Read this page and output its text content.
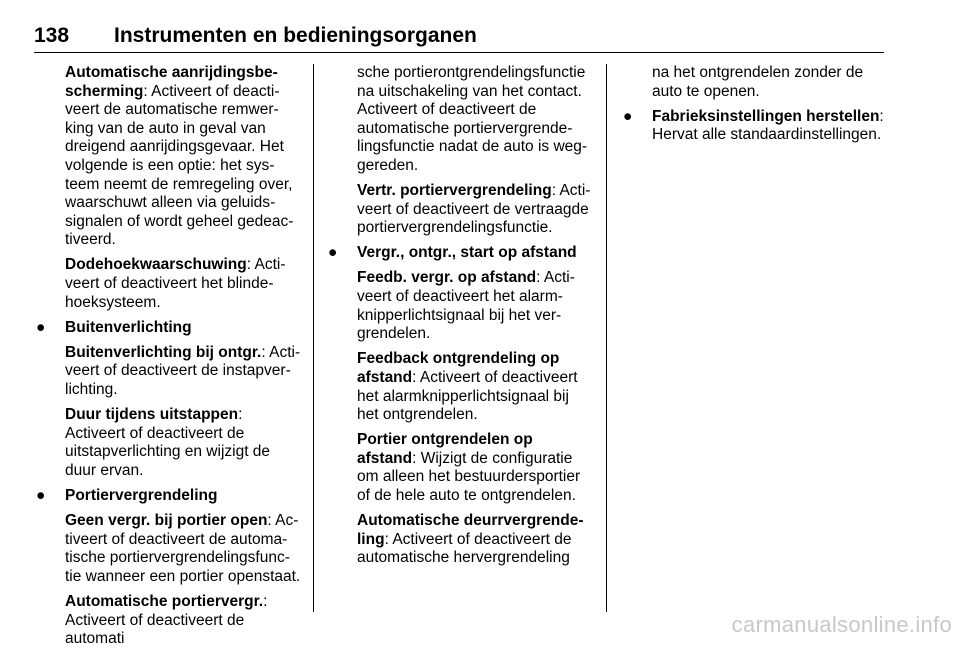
138 Instrumenten en bedieningsorganen

Automatische aanrijdingsbescherming: Activeert of deactiveert de automatische remwerking van de auto in geval van dreigend aanrijdingsgevaar. Het volgende is een optie: het systeem neemt de remregeling over, waarschuwt alleen via geluidssignalen of wordt geheel gedeactiveerd.

Dodehoekwaarschuwing: Activeert of deactiveert het blindehoeksysteem.

● Buitenverlichting

Buitenverlichting bij ontgr.: Activeert of deactiveert de instapverlichting.

Duur tijdens uitstappen: Activeert of deactiveert de uitstapverlichting en wijzigt de duur ervan.

● Portiervergrendeling

Geen vergr. bij portier open: Activeert of deactiveert de automatische portiervergrendelingsfunctie wanneer een portier openstaat.

Automatische portiervergr.: Activeert of deactiveert de automati

sche portierontgrendelingsfunctie na uitschakeling van het contact. Activeert of deactiveert de automatische portiervergrendelingsfunctie nadat de auto is weggereden.

Vertr. portiervergrendeling: Activeert of deactiveert de vertraagde portiervergrendelingsfunctie.

● Vergr., ontgr., start op afstand

Feedb. vergr. op afstand: Activeert of deactiveert het alarmknipperlichtsignaal bij het vergrendelen.

Feedback ontgrendeling op afstand: Activeert of deactiveert het alarmknipperlichtsignaal bij het ontgrendelen.

Portier ontgrendelen op afstand: Wijzigt de configuratie om alleen het bestuurdersportier of de hele auto te ontgrendelen.

Automatische deurrvergrendeling: Activeert of deactiveert de automatische hervergrendeling

na het ontgrendelen zonder de auto te openen.

● Fabrieksinstellingen herstellen: Hervat alle standaardinstellingen.

carmanualsonline.info
